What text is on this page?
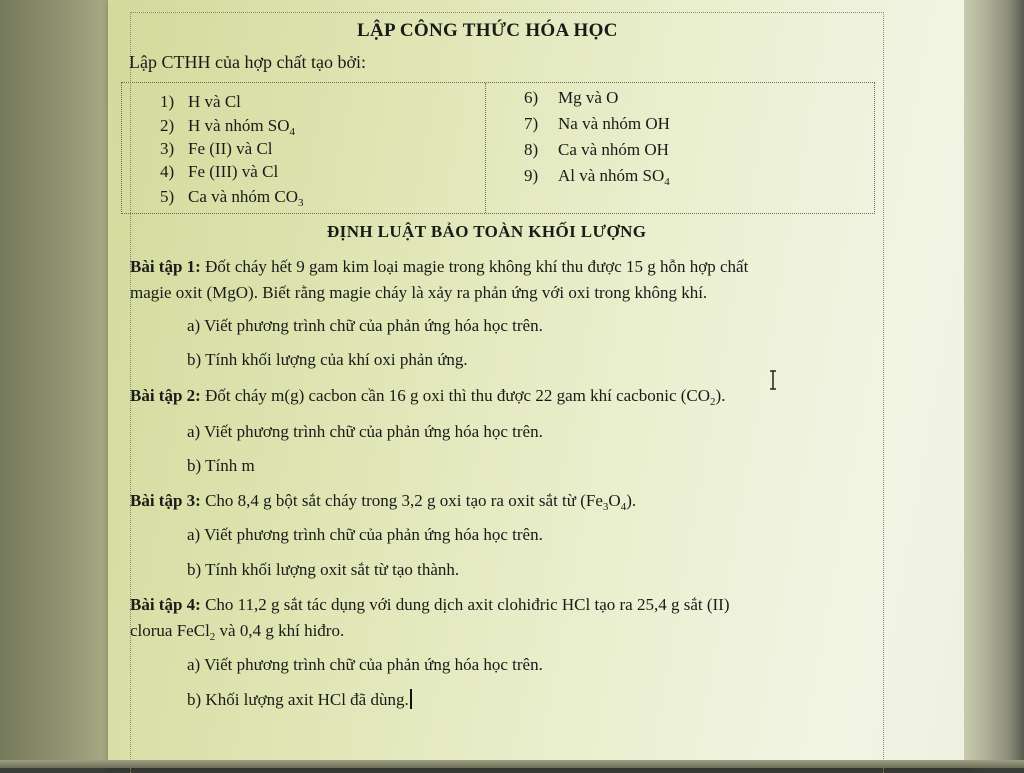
LẬP CÔNG THỨC HÓA HỌC
Lập CTHH của hợp chất tạo bởi:
1) H và Cl
2) H và nhóm $SO_4$
3) Fe (II) và Cl
4) Fe (III) và Cl
5) Ca và nhóm $CO_3$
6) Mg và O
7) Na và nhóm OH
8) Ca và nhóm OH
9) Al và nhóm $SO_4$
ĐỊNH LUẬT BẢO TOÀN KHỐI LƯỢNG
Bài tập 1: Đốt cháy hết 9 gam kim loại magie trong không khí thu được 15 g hỗn hợp chất
magie oxit (MgO). Biết rằng magie cháy là xảy ra phản ứng với oxi trong không khí.
a) Viết phương trình chữ của phản ứng hóa học trên.
b) Tính khối lượng của khí oxi phản ứng.
Bài tập 2: Đốt cháy m(g) cacbon cần 16 g oxi thì thu được 22 gam khí cacbonic $(CO_2)$.
a) Viết phương trình chữ của phản ứng hóa học trên.
b) Tính m
Bài tập 3: Cho 8,4 g bột sắt cháy trong 3,2 g oxi tạo ra oxit sắt từ $(Fe_3O_4)$.
a) Viết phương trình chữ của phản ứng hóa học trên.
b) Tính khối lượng oxit sắt từ tạo thành.
Bài tập 4: Cho 11,2 g sắt tác dụng với dung dịch axit clohiđric HCl tạo ra 25,4 g sắt (II)
clorua FeCl$_2$ và 0,4 g khí hiđro.
a) Viết phương trình chữ của phản ứng hóa học trên.
b) Khối lượng axit HCl đã dùng.
